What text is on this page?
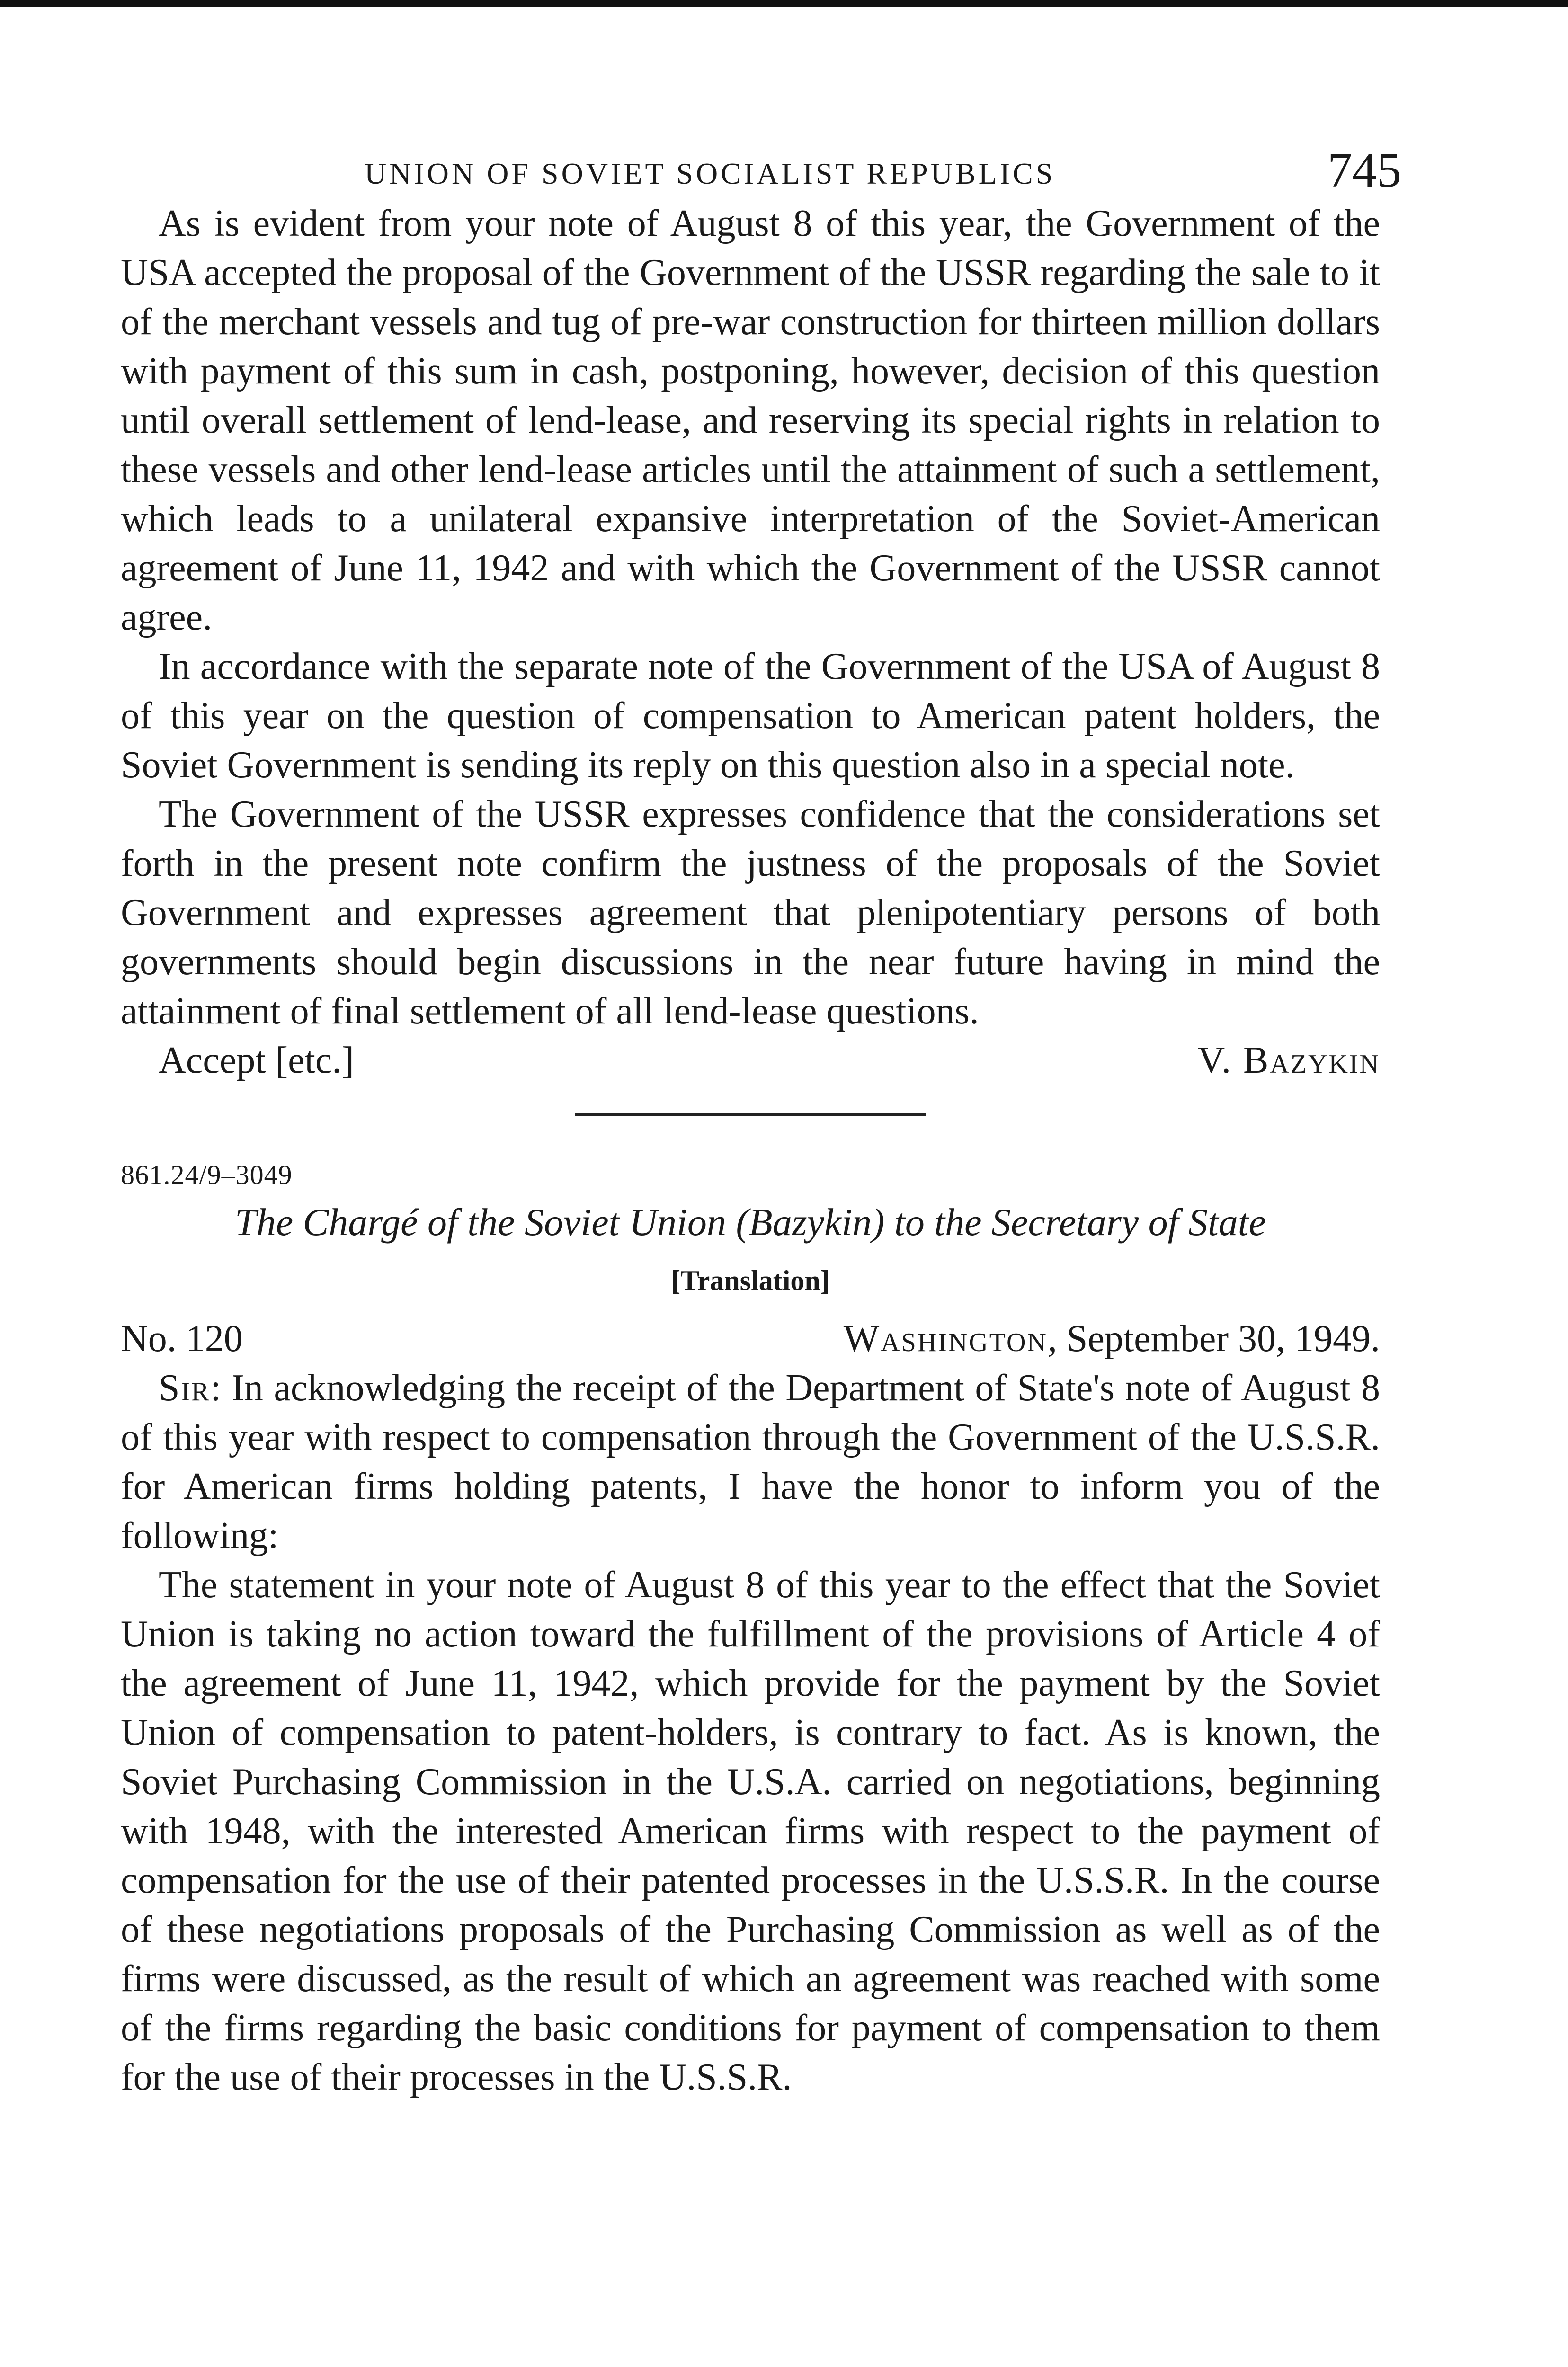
UNION OF SOVIET SOCIALIST REPUBLICS	745

As is evident from your note of August 8 of this year, the Government of the USA accepted the proposal of the Government of the USSR regarding the sale to it of the merchant vessels and tug of pre-war construction for thirteen million dollars with payment of this sum in cash, postponing, however, decision of this question until overall settlement of lend-lease, and reserving its special rights in relation to these vessels and other lend-lease articles until the attainment of such a settlement, which leads to a unilateral expansive interpretation of the Soviet-American agreement of June 11, 1942 and with which the Government of the USSR cannot agree.

In accordance with the separate note of the Government of the USA of August 8 of this year on the question of compensation to American patent holders, the Soviet Government is sending its reply on this question also in a special note.

The Government of the USSR expresses confidence that the considerations set forth in the present note confirm the justness of the proposals of the Soviet Government and expresses agreement that plenipotentiary persons of both governments should begin discussions in the near future having in mind the attainment of final settlement of all lend-lease questions.

Accept [etc.]	V. Bazykin
861.24/9–3049
The Chargé of the Soviet Union (Bazykin) to the Secretary of State
[Translation]
No. 120	Washington, September 30, 1949.

Sir: In acknowledging the receipt of the Department of State's note of August 8 of this year with respect to compensation through the Government of the U.S.S.R. for American firms holding patents, I have the honor to inform you of the following:

The statement in your note of August 8 of this year to the effect that the Soviet Union is taking no action toward the fulfillment of the provisions of Article 4 of the agreement of June 11, 1942, which provide for the payment by the Soviet Union of compensation to patent-holders, is contrary to fact. As is known, the Soviet Purchasing Commission in the U.S.A. carried on negotiations, beginning with 1948, with the interested American firms with respect to the payment of compensation for the use of their patented processes in the U.S.S.R. In the course of these negotiations proposals of the Purchasing Commission as well as of the firms were discussed, as the result of which an agreement was reached with some of the firms regarding the basic conditions for payment of compensation to them for the use of their processes in the U.S.S.R.
